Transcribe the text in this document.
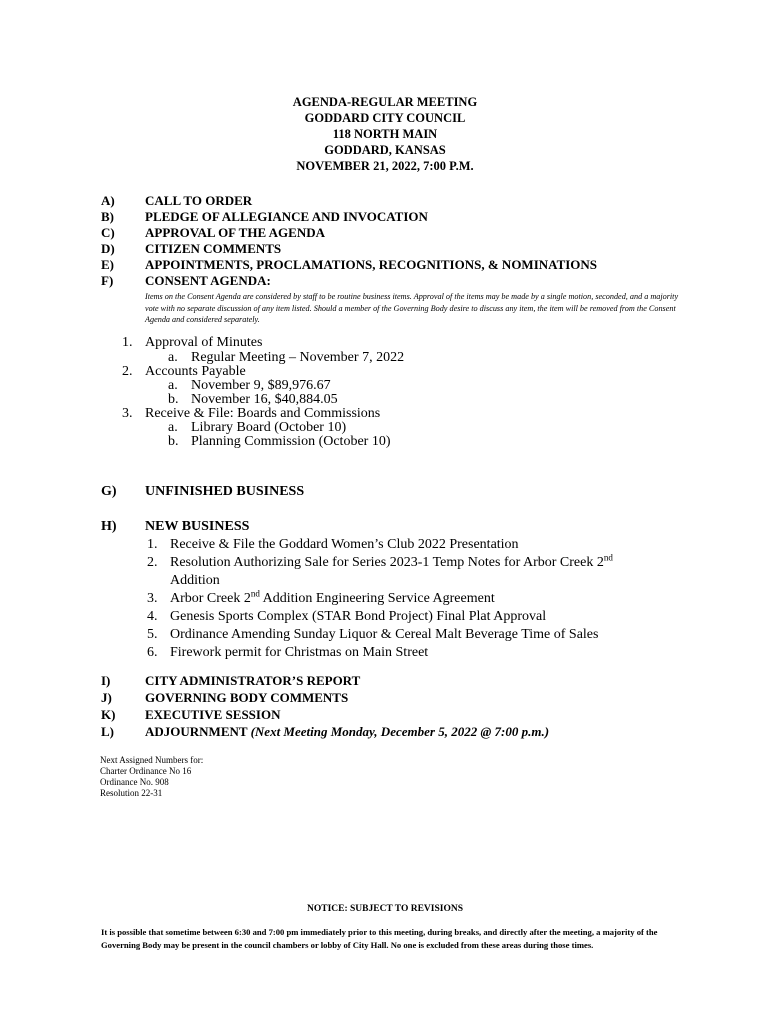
AGENDA-REGULAR MEETING
GODDARD CITY COUNCIL
118 NORTH MAIN
GODDARD, KANSAS
NOVEMBER 21, 2022, 7:00 P.M.
A) CALL TO ORDER
B) PLEDGE OF ALLEGIANCE AND INVOCATION
C) APPROVAL OF THE AGENDA
D) CITIZEN COMMENTS
E) APPOINTMENTS, PROCLAMATIONS, RECOGNITIONS, & NOMINATIONS
F) CONSENT AGENDA:
Items on the Consent Agenda are considered by staff to be routine business items. Approval of the items may be made by a single motion, seconded, and a majority vote with no separate discussion of any item listed. Should a member of the Governing Body desire to discuss any item, the item will be removed from the Consent Agenda and considered separately.
1. Approval of Minutes
a. Regular Meeting – November 7, 2022
2. Accounts Payable
a. November 9, $89,976.67
b. November 16, $40,884.05
3. Receive & File: Boards and Commissions
a. Library Board (October 10)
b. Planning Commission (October 10)
G) UNFINISHED BUSINESS
H) NEW BUSINESS
1. Receive & File the Goddard Women’s Club 2022 Presentation
2. Resolution Authorizing Sale for Series 2023-1 Temp Notes for Arbor Creek 2nd
Addition
3. Arbor Creek 2nd Addition Engineering Service Agreement
4. Genesis Sports Complex (STAR Bond Project) Final Plat Approval
5. Ordinance Amending Sunday Liquor & Cereal Malt Beverage Time of Sales
6. Firework permit for Christmas on Main Street
I)	CITY ADMINISTRATOR’S REPORT
J)	GOVERNING BODY COMMENTS
K) EXECUTIVE SESSION
L) ADJOURNMENT (Next Meeting Monday, December 5, 2022 @ 7:00 p.m.)
Next Assigned Numbers for:
Charter Ordinance No 16
Ordinance No. 908
Resolution 22-31
NOTICE: SUBJECT TO REVISIONS
It is possible that sometime between 6:30 and 7:00 pm immediately prior to this meeting, during breaks, and directly after the meeting, a majority of the Governing Body may be present in the council chambers or lobby of City Hall. No one is excluded from these areas during those times.
